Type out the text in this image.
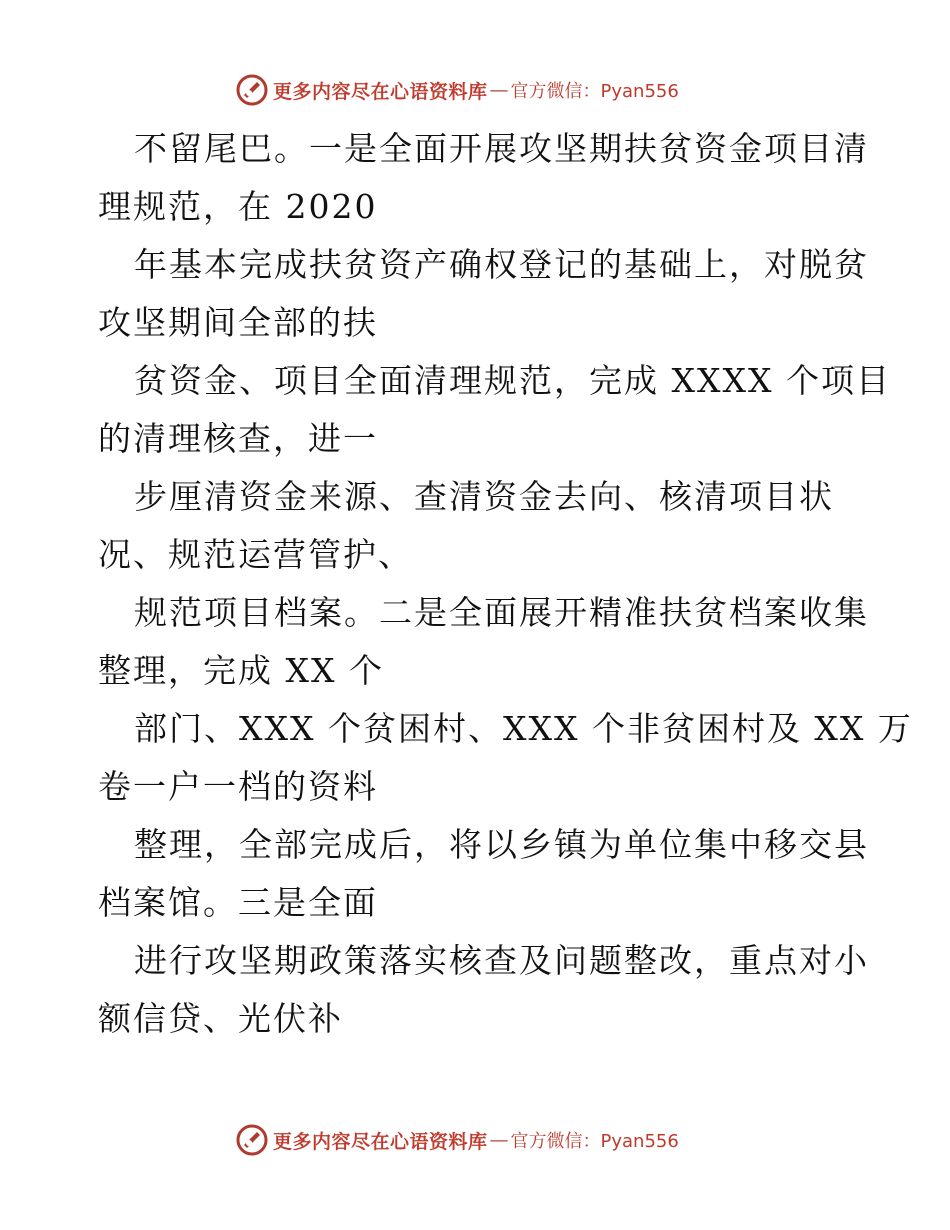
更多内容尽在心语资料库 — 官方微信：Pyan556
不留尾巴。一是全面开展攻坚期扶贫资金项目清
理规范，在 2020
年基本完成扶贫资产确权登记的基础上，对脱贫
攻坚期间全部的扶
贫资金、项目全面清理规范，完成 XXXX 个项目
的清理核查，进一
步厘清资金来源、查清资金去向、核清项目状
况、规范运营管护、
规范项目档案。二是全面展开精准扶贫档案收集
整理，完成 XX 个
部门、XXX 个贫困村、XXX 个非贫困村及 XX 万
卷一户一档的资料
整理，全部完成后，将以乡镇为单位集中移交县
档案馆。三是全面
进行攻坚期政策落实核查及问题整改，重点对小
额信贷、光伏补
更多内容尽在心语资料库 — 官方微信：Pyan556
